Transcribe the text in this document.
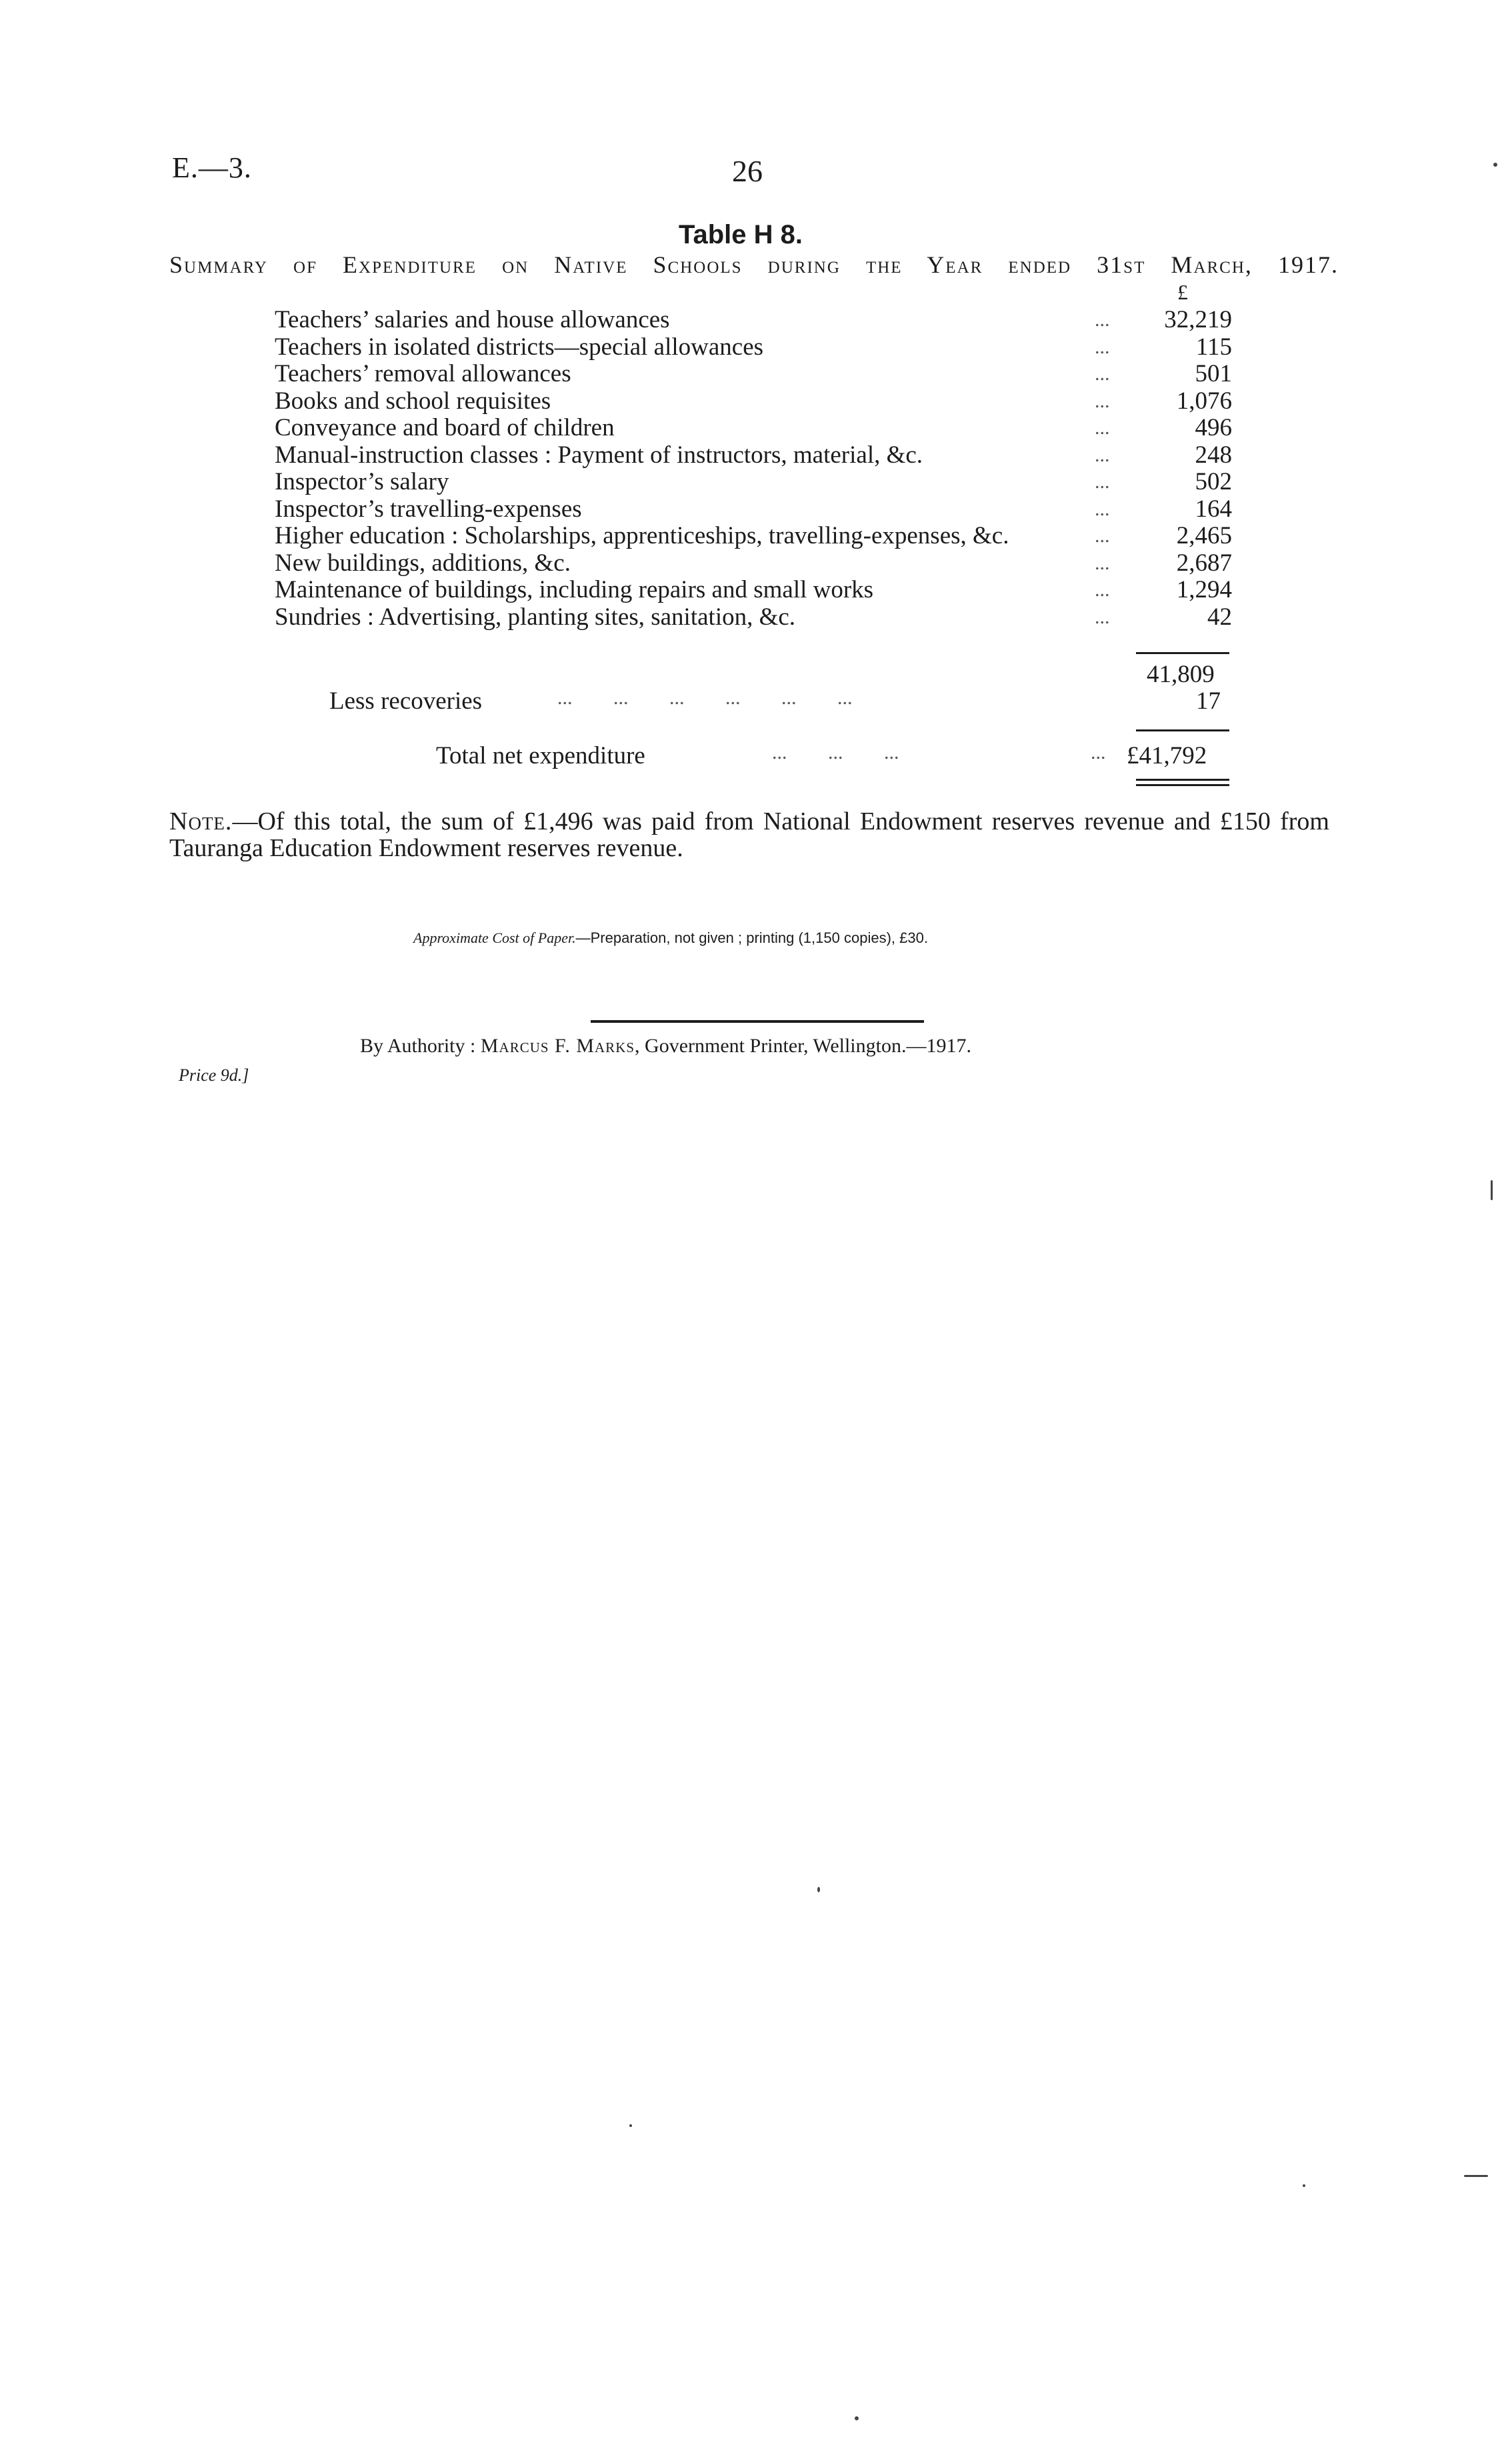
E.—3.	26
Table H 8.
Summary of Expenditure on Native Schools during the Year ended 31st March, 1917.
£
Teachers’ salaries and house allowances	... 32,219
Teachers in isolated districts—special allowances	...	115
Teachers’ removal allowances	...	501
Books and school requisites	...	1,076
Conveyance and board of children	...	496
Manual-instruction classes : Payment of instructors, material, &c.	...	248
Inspector’s salary	...	502
Inspector’s travelling-expenses	...	164
Higher education : Scholarships, apprenticeships, travelling-expenses, &c.	...	2,465
New buildings, additions, &c.	...	2,687
Maintenance of buildings, including repairs and small works	...	1,294
Sundries : Advertising, planting sites, sanitation, &c.	...	42
41,809
Less recoveries	... ... ... ... ... ...	17
Total net expenditure	... ... ...	... £41,792
Note.—Of this total, the sum of £1,496 was paid from National Endowment reserves revenue and £150 from Tauranga Education Endowment reserves revenue.
Approximate Cost of Paper.—Preparation, not given ; printing (1,150 copies), £30.
By Authority : Marcus F. Marks, Government Printer, Wellington.—1917.
Price 9d.]
